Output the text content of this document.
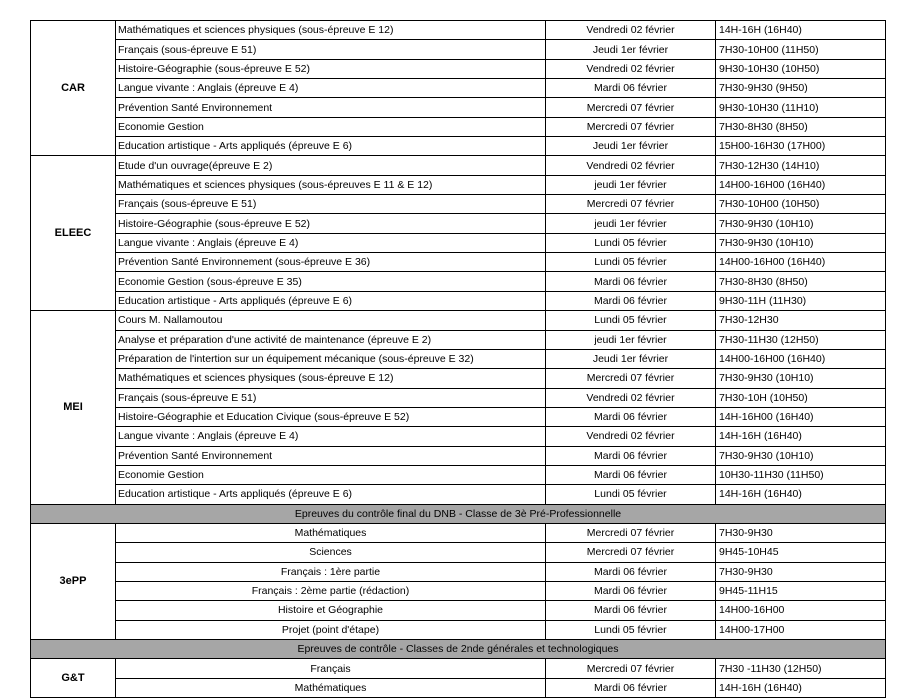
CAR	Mathématiques et sciences physiques (sous-épreuve E 12)	Vendredi 02 février	14H-16H (16H40)
	Français (sous-épreuve E 51)	Jeudi 1er février	7H30-10H00 (11H50)
	Histoire-Géographie (sous-épreuve E 52)	Vendredi 02 février	9H30-10H30 (10H50)
	Langue vivante : Anglais (épreuve E 4)	Mardi 06 février	7H30-9H30 (9H50)
	Prévention Santé Environnement	Mercredi 07 février	9H30-10H30 (11H10)
	Economie Gestion	Mercredi 07 février	7H30-8H30 (8H50)
	Education artistique - Arts appliqués (épreuve E 6)	Jeudi 1er février	15H00-16H30 (17H00)
ELEEC	Etude d'un ouvrage(épreuve E 2)	Vendredi 02 février	7H30-12H30 (14H10)
	Mathématiques et sciences physiques (sous-épreuves E 11 & E 12)	jeudi 1er février	14H00-16H00 (16H40)
	Français (sous-épreuve E 51)	Mercredi 07 février	7H30-10H00 (10H50)
	Histoire-Géographie (sous-épreuve E 52)	jeudi 1er février	7H30-9H30 (10H10)
	Langue vivante : Anglais (épreuve E 4)	Lundi 05 février	7H30-9H30 (10H10)
	Prévention Santé Environnement (sous-épreuve E 36)	Lundi 05 février	14H00-16H00 (16H40)
	Economie Gestion (sous-épreuve E 35)	Mardi 06 février	7H30-8H30 (8H50)
	Education artistique - Arts appliqués (épreuve E 6)	Mardi 06 février	9H30-11H (11H30)
MEI	Cours M. Nallamoutou	Lundi 05 février	7H30-12H30
	Analyse et préparation d'une activité de maintenance (épreuve E 2)	jeudi 1er février	7H30-11H30 (12H50)
	Préparation de l'intertion sur un équipement mécanique (sous-épreuve E 32)	Jeudi 1er février	14H00-16H00 (16H40)
	Mathématiques et sciences physiques (sous-épreuve E 12)	Mercredi 07 février	7H30-9H30 (10H10)
	Français (sous-épreuve E 51)	Vendredi 02 février	7H30-10H (10H50)
	Histoire-Géographie et Education Civique (sous-épreuve E 52)	Mardi 06 février	14H-16H00 (16H40)
	Langue vivante : Anglais (épreuve E 4)	Vendredi 02 février	14H-16H (16H40)
	Prévention Santé Environnement	Mardi 06 février	7H30-9H30 (10H10)
	Economie Gestion	Mardi 06 février	10H30-11H30 (11H50)
	Education artistique - Arts appliqués (épreuve E 6)	Lundi 05 février	14H-16H (16H40)
Epreuves du contrôle final du DNB - Classe de 3è Pré-Professionnelle			
3ePP	Mathématiques	Mercredi 07 février	7H30-9H30
	Sciences	Mercredi 07 février	9H45-10H45
	Français : 1ère partie	Mardi 06 février	7H30-9H30
	Français : 2ème partie (rédaction)	Mardi 06 février	9H45-11H15
	Histoire et Géographie	Mardi 06 février	14H00-16H00
	Projet (point d'étape)	Lundi 05 février	14H00-17H00
Epreuves de contrôle - Classes de 2nde générales et technologiques			
G&T	Français	Mercredi 07 février	7H30 -11H30 (12H50)
	Mathématiques	Mardi 06 février	14H-16H (16H40)
